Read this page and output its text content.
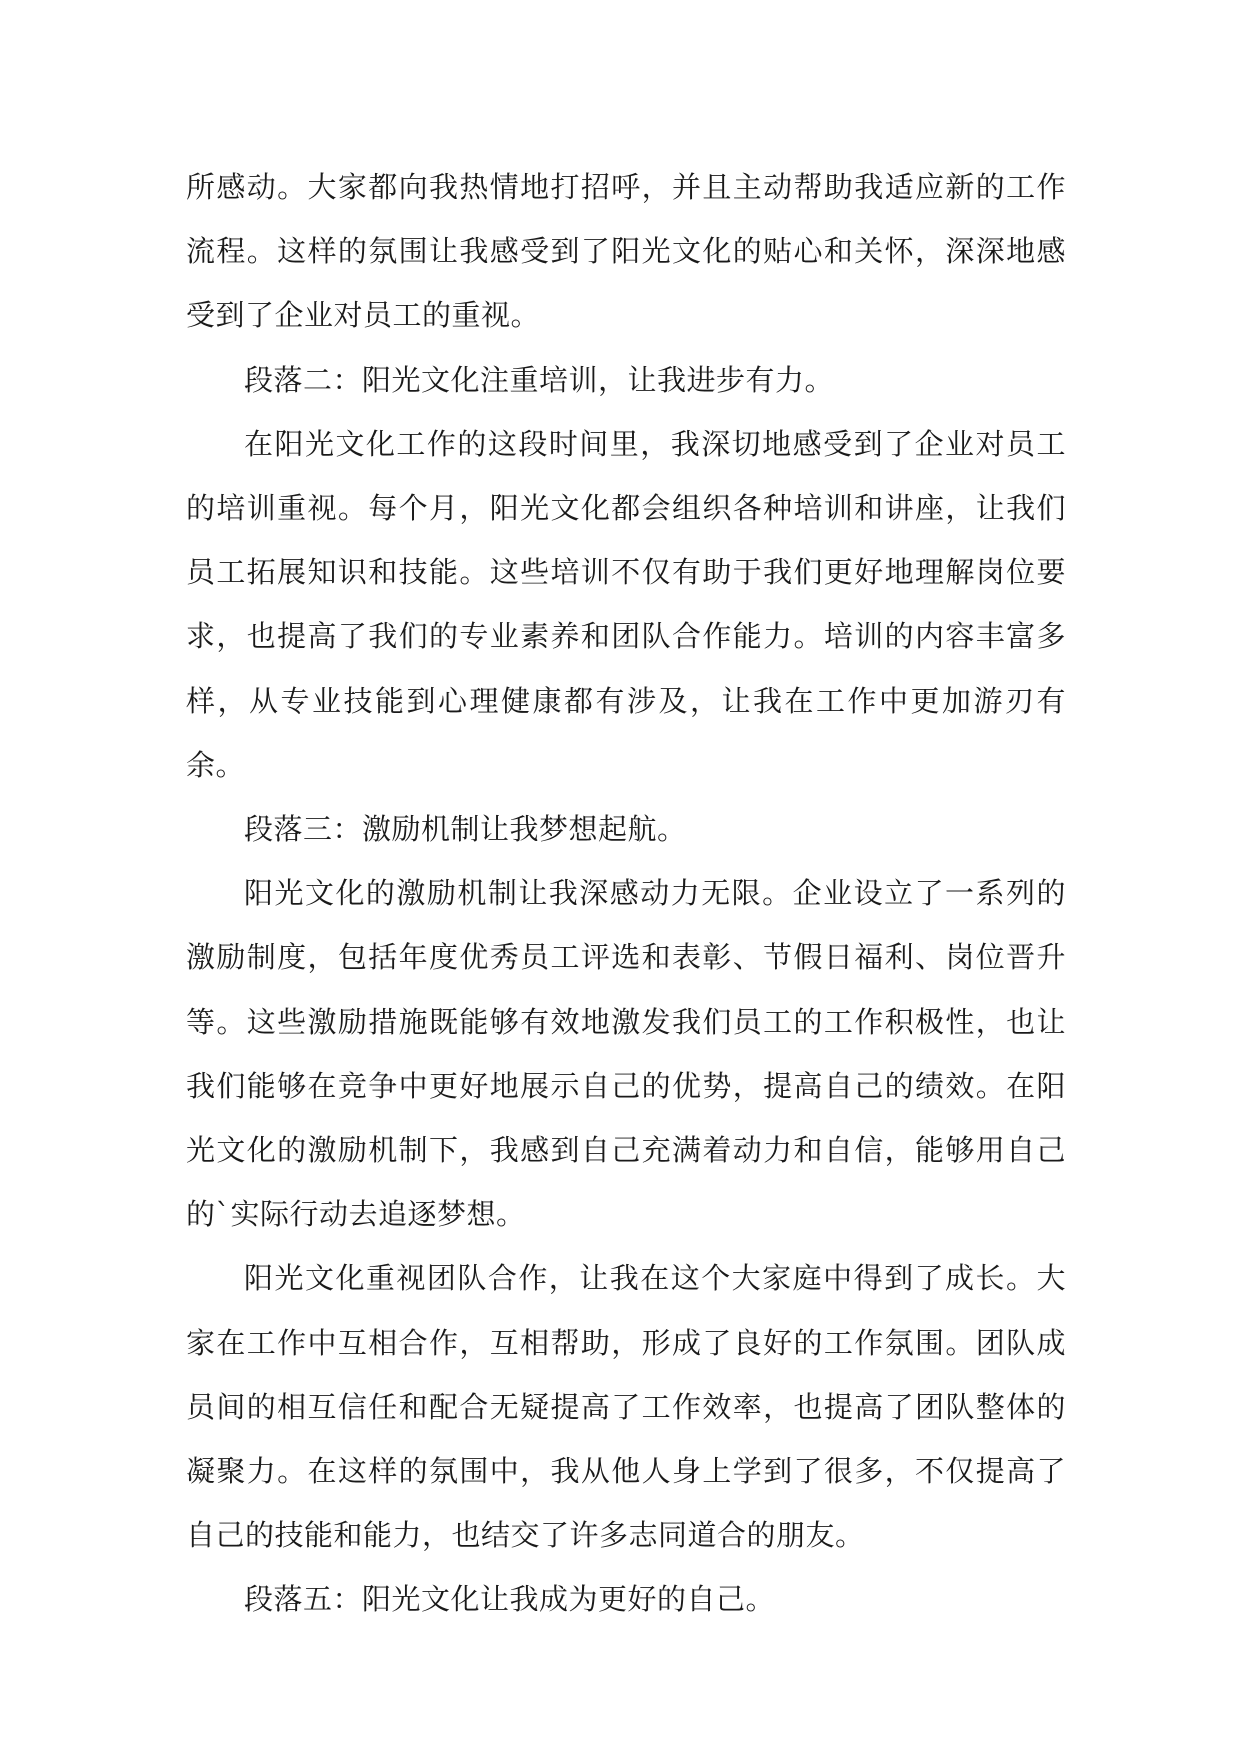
所感动。大家都向我热情地打招呼，并且主动帮助我适应新的工作流程。这样的氛围让我感受到了阳光文化的贴心和关怀，深深地感受到了企业对员工的重视。

段落二：阳光文化注重培训，让我进步有力。

在阳光文化工作的这段时间里，我深切地感受到了企业对员工的培训重视。每个月，阳光文化都会组织各种培训和讲座，让我们员工拓展知识和技能。这些培训不仅有助于我们更好地理解岗位要求，也提高了我们的专业素养和团队合作能力。培训的内容丰富多样，从专业技能到心理健康都有涉及，让我在工作中更加游刃有余。

段落三：激励机制让我梦想起航。

阳光文化的激励机制让我深感动力无限。企业设立了一系列的激励制度，包括年度优秀员工评选和表彰、节假日福利、岗位晋升等。这些激励措施既能够有效地激发我们员工的工作积极性，也让我们能够在竞争中更好地展示自己的优势，提高自己的绩效。在阳光文化的激励机制下，我感到自己充满着动力和自信，能够用自己的`实际行动去追逐梦想。

阳光文化重视团队合作，让我在这个大家庭中得到了成长。大家在工作中互相合作，互相帮助，形成了良好的工作氛围。团队成员间的相互信任和配合无疑提高了工作效率，也提高了团队整体的凝聚力。在这样的氛围中，我从他人身上学到了很多，不仅提高了自己的技能和能力，也结交了许多志同道合的朋友。

段落五：阳光文化让我成为更好的自己。
